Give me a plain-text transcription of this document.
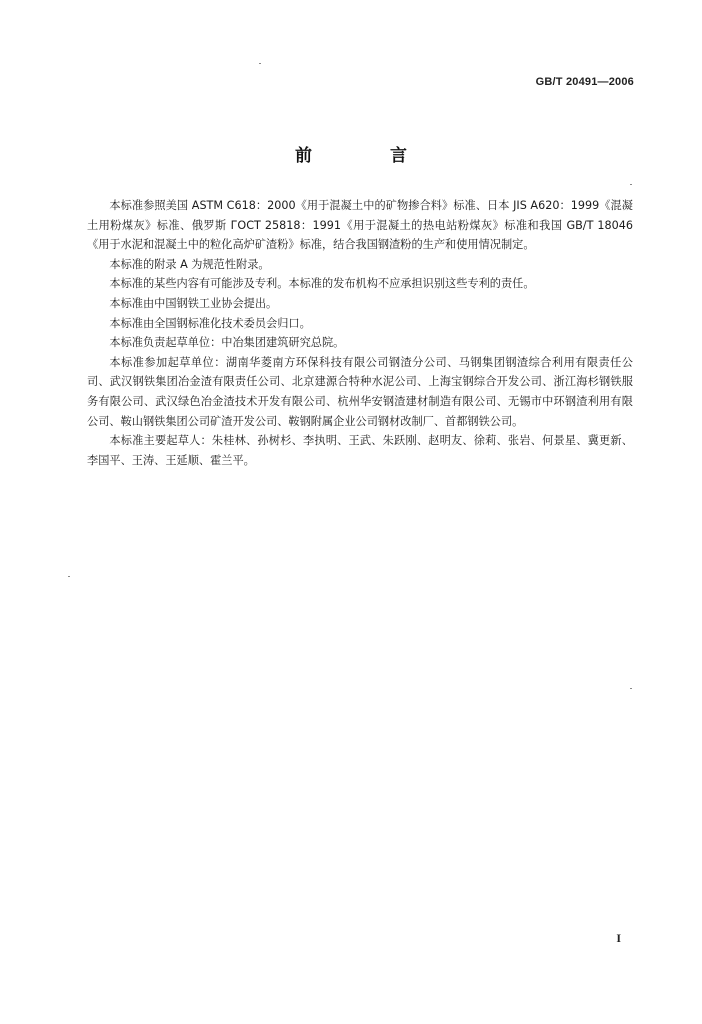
GB/T 20491—2006
前 言

本标准参照美国 ASTM C618：2000《用于混凝土中的矿物掺合料》标准、日本 JIS A620：1999《混凝土用粉煤灰》标准、俄罗斯 ГОСТ 25818：1991《用于混凝土的热电站粉煤灰》标准和我国 GB/T 18046《用于水泥和混凝土中的粒化高炉矿渣粉》标准，结合我国钢渣粉的生产和使用情况制定。

本标准的附录 A 为规范性附录。

本标准的某些内容有可能涉及专利。本标准的发布机构不应承担识别这些专利的责任。

本标准由中国钢铁工业协会提出。

本标准由全国钢标准化技术委员会归口。

本标准负责起草单位：中冶集团建筑研究总院。

本标准参加起草单位：湖南华菱南方环保科技有限公司钢渣分公司、马钢集团钢渣综合利用有限责任公司、武汉钢铁集团冶金渣有限责任公司、北京建源合特种水泥公司、上海宝钢综合开发公司、浙江海杉钢铁服务有限公司、武汉绿色冶金渣技术开发有限公司、杭州华安钢渣建材制造有限公司、无锡市中环钢渣利用有限公司、鞍山钢铁集团公司矿渣开发公司、鞍钢附属企业公司钢材改制厂、首都钢铁公司。

本标准主要起草人：朱桂林、孙树杉、李执明、王武、朱跃刚、赵明友、徐莉、张岩、何景星、冀更新、李国平、王涛、王延顺、霍兰平。

I
